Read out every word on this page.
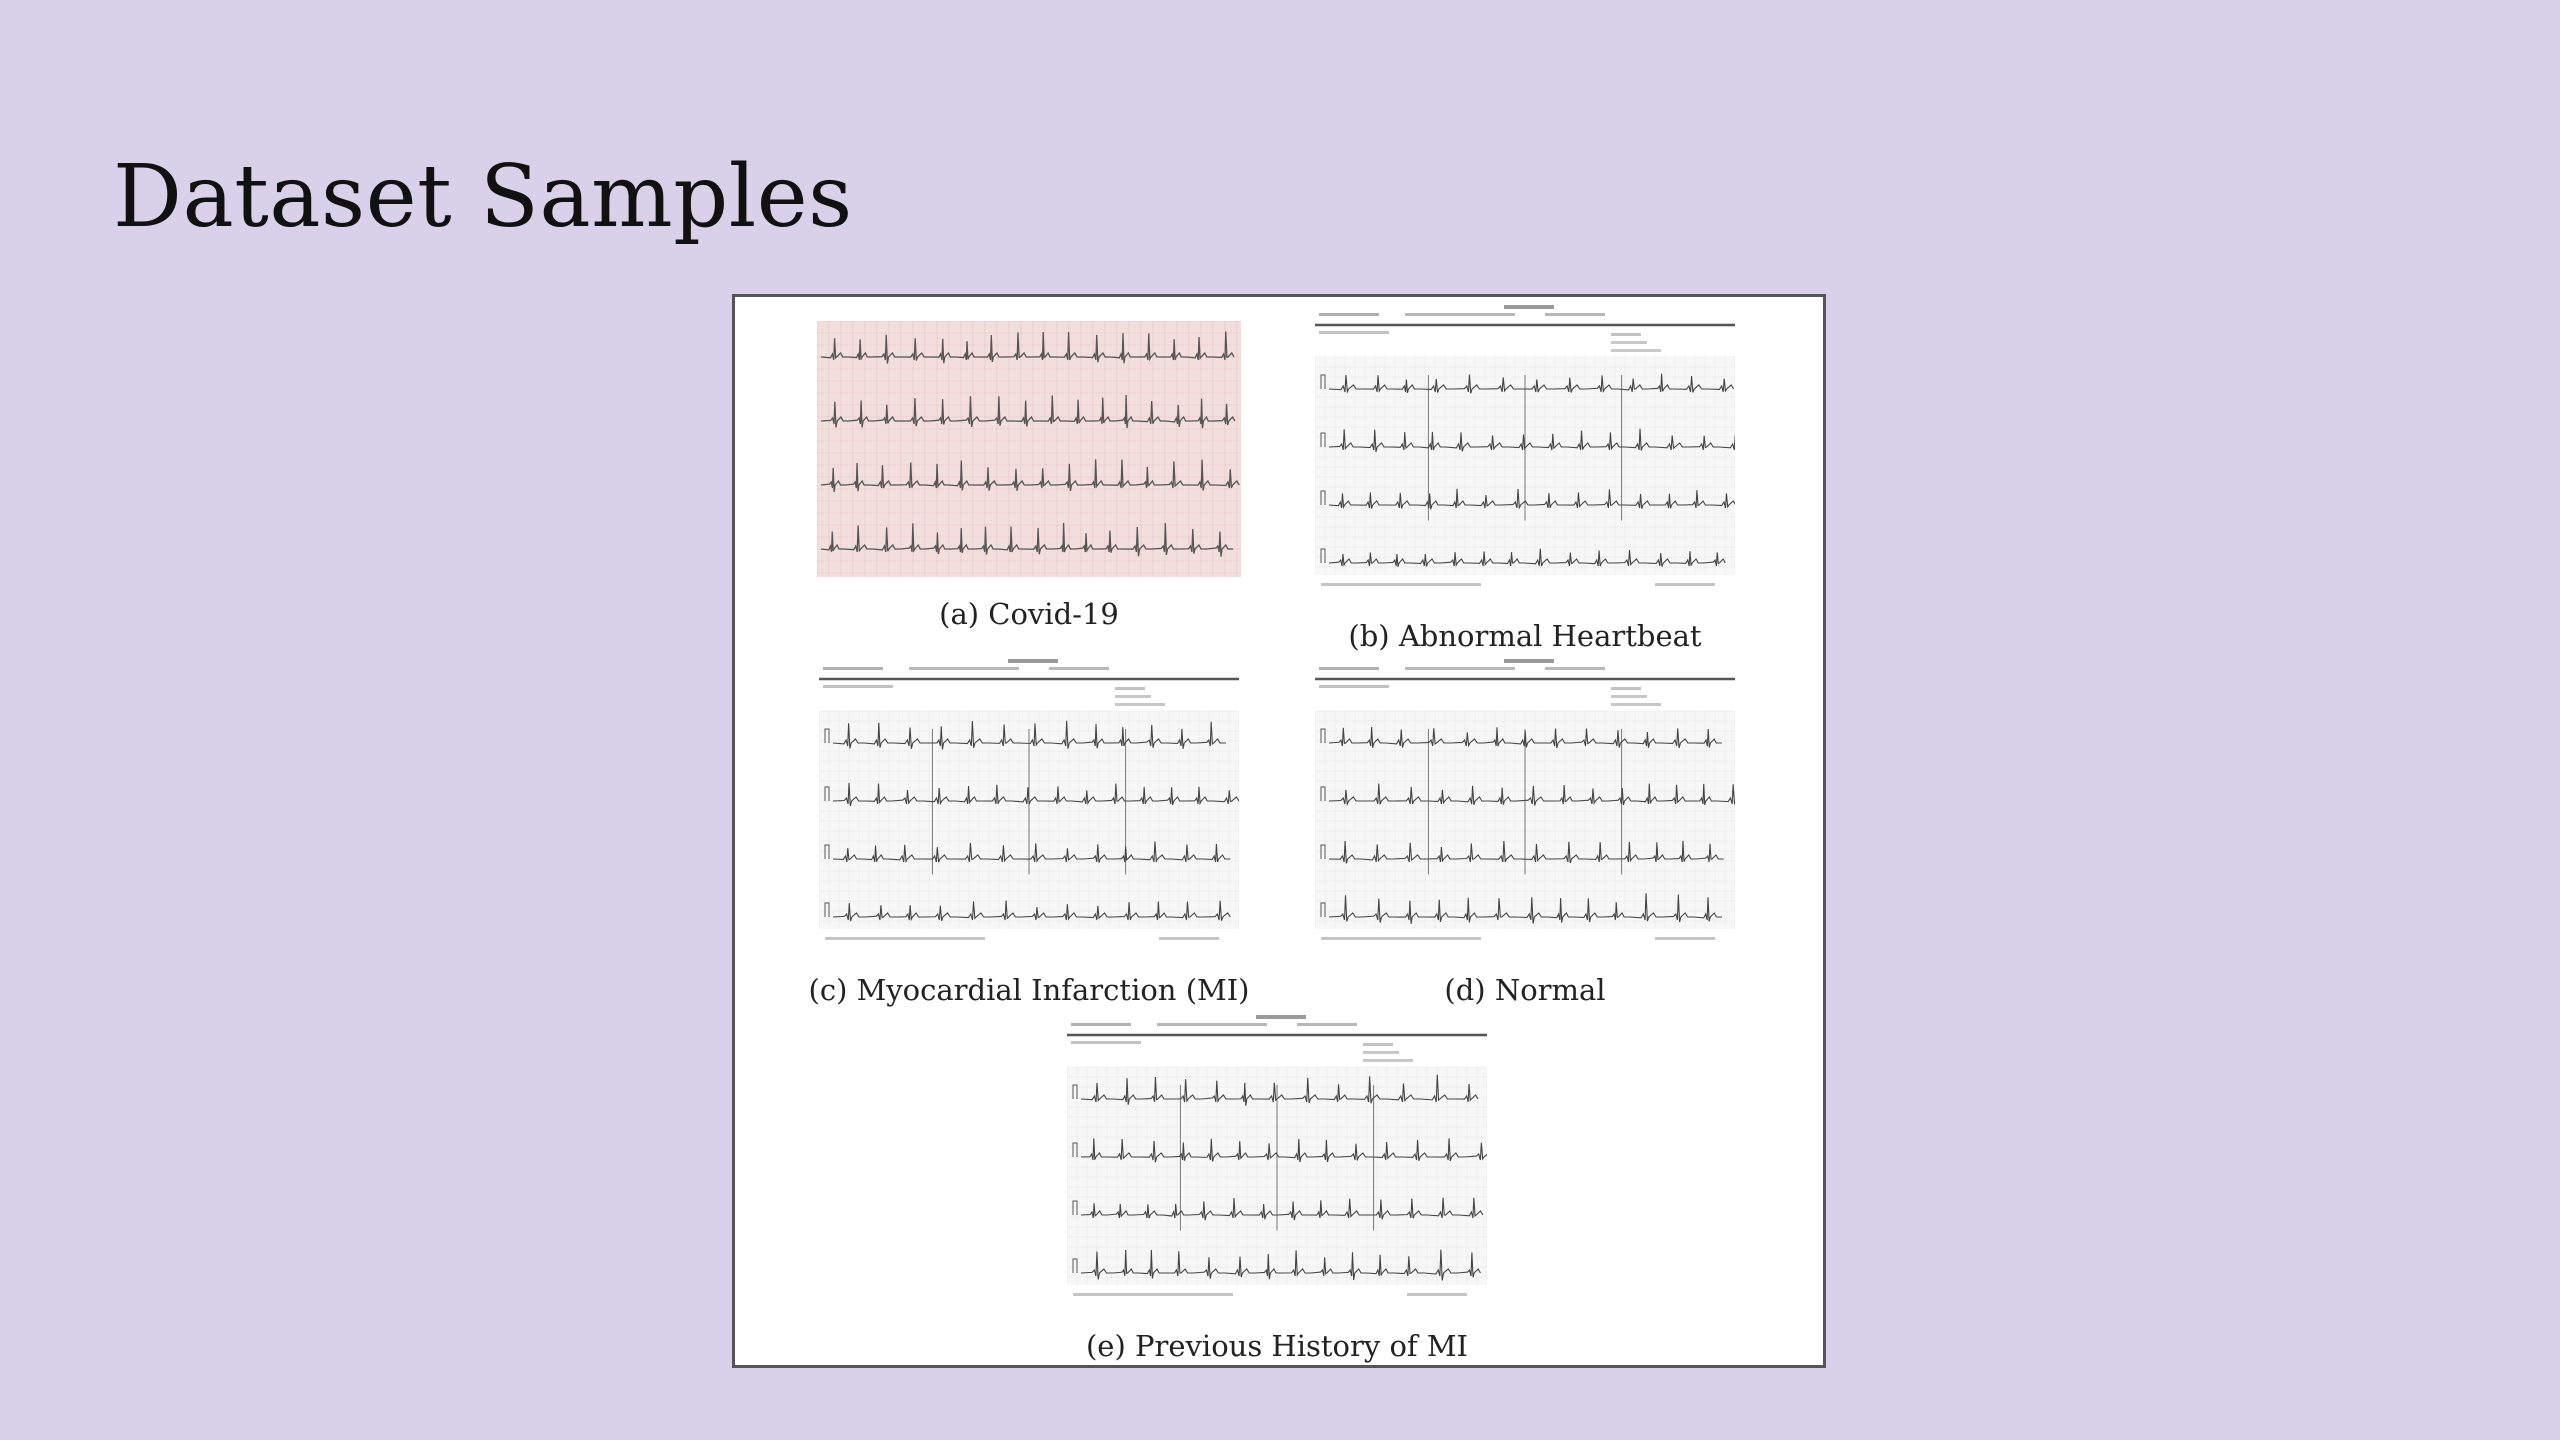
Dataset Samples
(a) Covid-19
(b) Abnormal Heartbeat
(c) Myocardial Infarction (MI)	(d) Normal
(e) Previous History of MI
